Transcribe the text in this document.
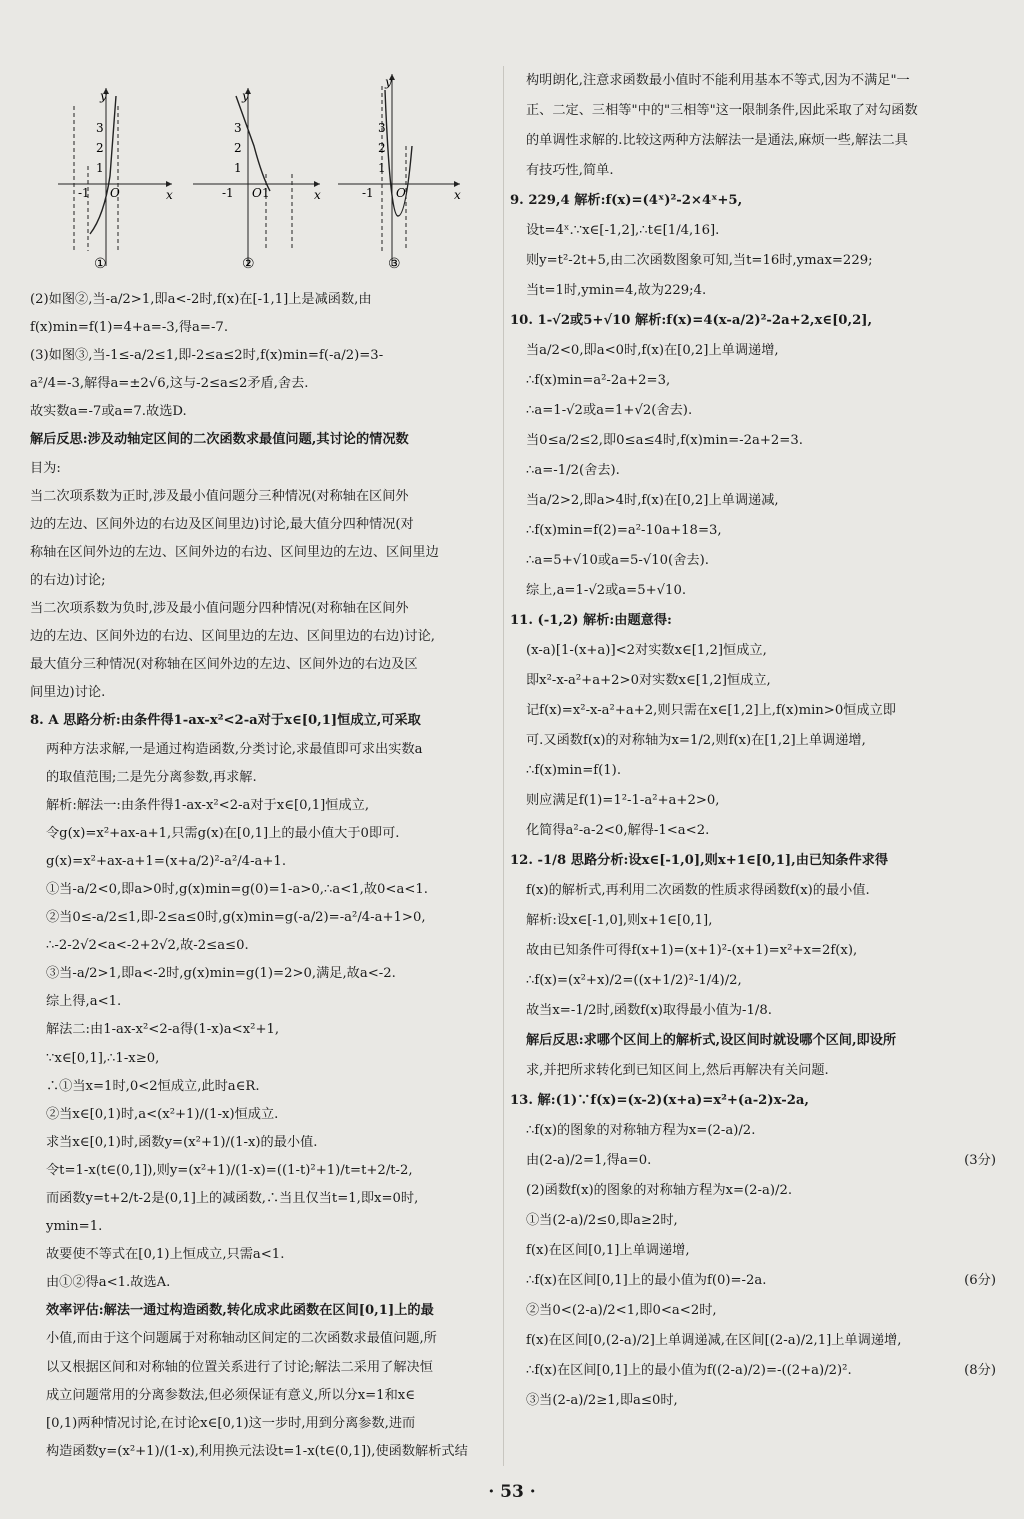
y
x
O
-1
3
2
1
①
y
x
O
-1 1
3
2
1
②
y
x
O
-1
3
2
1
③
(2)如图②,当-a/2>1,即a<-2时,f(x)在[-1,1]上是减函数,由
f(x)min=f(1)=4+a=-3,得a=-7.
(3)如图③,当-1≤-a/2≤1,即-2≤a≤2时,f(x)min=f(-a/2)=3-
a²/4=-3,解得a=±2√6,这与-2≤a≤2矛盾,舍去.
故实数a=-7或a=7.故选D.
解后反思:涉及动轴定区间的二次函数求最值问题,其讨论的情况数
目为:
当二次项系数为正时,涉及最小值问题分三种情况(对称轴在区间外
边的左边、区间外边的右边及区间里边)讨论,最大值分四种情况(对
称轴在区间外边的左边、区间外边的右边、区间里边的左边、区间里边
的右边)讨论;
当二次项系数为负时,涉及最小值问题分四种情况(对称轴在区间外
边的左边、区间外边的右边、区间里边的左边、区间里边的右边)讨论,
最大值分三种情况(对称轴在区间外边的左边、区间外边的右边及区
间里边)讨论.
8. A 思路分析:由条件得1-ax-x²<2-a对于x∈[0,1]恒成立,可采取
两种方法求解,一是通过构造函数,分类讨论,求最值即可求出实数a
的取值范围;二是先分离参数,再求解.
解析:解法一:由条件得1-ax-x²<2-a对于x∈[0,1]恒成立,
令g(x)=x²+ax-a+1,只需g(x)在[0,1]上的最小值大于0即可.
g(x)=x²+ax-a+1=(x+a/2)²-a²/4-a+1.
①当-a/2<0,即a>0时,g(x)min=g(0)=1-a>0,∴a<1,故0<a<1.
②当0≤-a/2≤1,即-2≤a≤0时,g(x)min=g(-a/2)=-a²/4-a+1>0,
∴-2-2√2<a<-2+2√2,故-2≤a≤0.
③当-a/2>1,即a<-2时,g(x)min=g(1)=2>0,满足,故a<-2.
综上得,a<1.
解法二:由1-ax-x²<2-a得(1-x)a<x²+1,
∵x∈[0,1],∴1-x≥0,
∴①当x=1时,0<2恒成立,此时a∈R.
②当x∈[0,1)时,a<(x²+1)/(1-x)恒成立.
求当x∈[0,1)时,函数y=(x²+1)/(1-x)的最小值.
令t=1-x(t∈(0,1]),则y=(x²+1)/(1-x)=((1-t)²+1)/t=t+2/t-2,
而函数y=t+2/t-2是(0,1]上的减函数,∴当且仅当t=1,即x=0时,
ymin=1.
故要使不等式在[0,1)上恒成立,只需a<1.
由①②得a<1.故选A.
效率评估:解法一通过构造函数,转化成求此函数在区间[0,1]上的最
小值,而由于这个问题属于对称轴动区间定的二次函数求最值问题,所
以又根据区间和对称轴的位置关系进行了讨论;解法二采用了解决恒
成立问题常用的分离参数法,但必须保证有意义,所以分x=1和x∈
[0,1)两种情况讨论,在讨论x∈[0,1)这一步时,用到分离参数,进而
构造函数y=(x²+1)/(1-x),利用换元法设t=1-x(t∈(0,1]),使函数解析式结
构明朗化,注意求函数最小值时不能利用基本不等式,因为不满足"一
正、二定、三相等"中的"三相等"这一限制条件,因此采取了对勾函数
的单调性求解的.比较这两种方法解法一是通法,麻烦一些,解法二具
有技巧性,简单.
9. 229,4 解析:f(x)=(4ˣ)²-2×4ˣ+5,
设t=4ˣ.∵x∈[-1,2],∴t∈[1/4,16].
则y=t²-2t+5,由二次函数图象可知,当t=16时,ymax=229;
当t=1时,ymin=4,故为229;4.
10. 1-√2或5+√10 解析:f(x)=4(x-a/2)²-2a+2,x∈[0,2],
当a/2<0,即a<0时,f(x)在[0,2]上单调递增,
∴f(x)min=a²-2a+2=3,
∴a=1-√2或a=1+√2(舍去).
当0≤a/2≤2,即0≤a≤4时,f(x)min=-2a+2=3.
∴a=-1/2(舍去).
当a/2>2,即a>4时,f(x)在[0,2]上单调递减,
∴f(x)min=f(2)=a²-10a+18=3,
∴a=5+√10或a=5-√10(舍去).
综上,a=1-√2或a=5+√10.
11. (-1,2) 解析:由题意得:
(x-a)[1-(x+a)]<2对实数x∈[1,2]恒成立,
即x²-x-a²+a+2>0对实数x∈[1,2]恒成立,
记f(x)=x²-x-a²+a+2,则只需在x∈[1,2]上,f(x)min>0恒成立即
可.又函数f(x)的对称轴为x=1/2,则f(x)在[1,2]上单调递增,
∴f(x)min=f(1).
则应满足f(1)=1²-1-a²+a+2>0,
化简得a²-a-2<0,解得-1<a<2.
12. -1/8 思路分析:设x∈[-1,0],则x+1∈[0,1],由已知条件求得
f(x)的解析式,再利用二次函数的性质求得函数f(x)的最小值.
解析:设x∈[-1,0],则x+1∈[0,1],
故由已知条件可得f(x+1)=(x+1)²-(x+1)=x²+x=2f(x),
∴f(x)=(x²+x)/2=((x+1/2)²-1/4)/2,
故当x=-1/2时,函数f(x)取得最小值为-1/8.
解后反思:求哪个区间上的解析式,设区间时就设哪个区间,即设所
求,并把所求转化到已知区间上,然后再解决有关问题.
13. 解:(1)∵f(x)=(x-2)(x+a)=x²+(a-2)x-2a,
∴f(x)的图象的对称轴方程为x=(2-a)/2.
由(2-a)/2=1,得a=0.	(3分)
(2)函数f(x)的图象的对称轴方程为x=(2-a)/2.
①当(2-a)/2≤0,即a≥2时,
f(x)在区间[0,1]上单调递增,
∴f(x)在区间[0,1]上的最小值为f(0)=-2a.	(6分)
②当0<(2-a)/2<1,即0<a<2时,
f(x)在区间[0,(2-a)/2]上单调递减,在区间[(2-a)/2,1]上单调递增,
∴f(x)在区间[0,1]上的最小值为f((2-a)/2)=-((2+a)/2)².	(8分)
③当(2-a)/2≥1,即a≤0时,
· 53 ·
